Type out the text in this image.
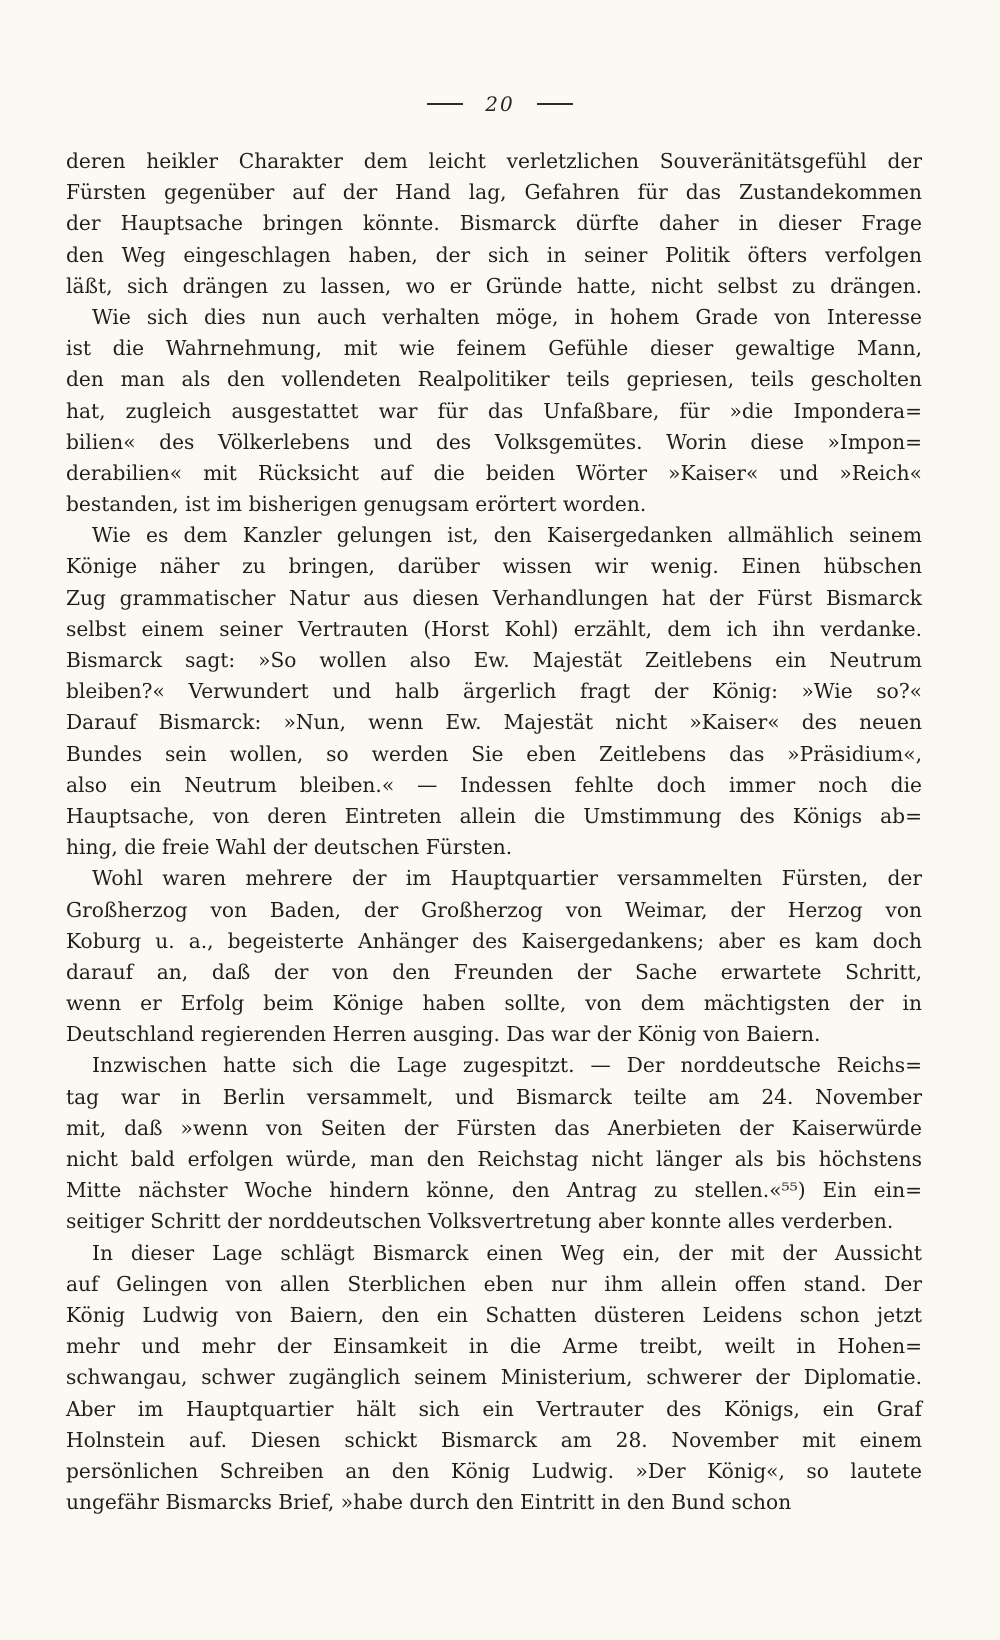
20
deren heikler Charakter dem leicht verletzlichen Souveränitätsgefühl der
Fürsten gegenüber auf der Hand lag, Gefahren für das Zustandekommen
der Hauptsache bringen könnte. Bismarck dürfte daher in dieser Frage
den Weg eingeschlagen haben, der sich in seiner Politik öfters verfolgen
läßt, sich drängen zu lassen, wo er Gründe hatte, nicht selbst zu drängen.
Wie sich dies nun auch verhalten möge, in hohem Grade von Interesse
ist die Wahrnehmung, mit wie feinem Gefühle dieser gewaltige Mann,
den man als den vollendeten Realpolitiker teils gepriesen, teils gescholten
hat, zugleich ausgestattet war für das Unfaßbare, für »die Impondera=
bilien« des Völkerlebens und des Volksgemütes. Worin diese »Impon=
derabilien« mit Rücksicht auf die beiden Wörter »Kaiser« und »Reich«
bestanden, ist im bisherigen genugsam erörtert worden.
Wie es dem Kanzler gelungen ist, den Kaisergedanken allmählich seinem
Könige näher zu bringen, darüber wissen wir wenig. Einen hübschen
Zug grammatischer Natur aus diesen Verhandlungen hat der Fürst Bismarck
selbst einem seiner Vertrauten (Horst Kohl) erzählt, dem ich ihn verdanke.
Bismarck sagt: »So wollen also Ew. Majestät Zeitlebens ein Neutrum
bleiben?« Verwundert und halb ärgerlich fragt der König: »Wie so?«
Darauf Bismarck: »Nun, wenn Ew. Majestät nicht »Kaiser« des neuen
Bundes sein wollen, so werden Sie eben Zeitlebens das »Präsidium«,
also ein Neutrum bleiben.« — Indessen fehlte doch immer noch die
Hauptsache, von deren Eintreten allein die Umstimmung des Königs ab=
hing, die freie Wahl der deutschen Fürsten.
Wohl waren mehrere der im Hauptquartier versammelten Fürsten, der
Großherzog von Baden, der Großherzog von Weimar, der Herzog von
Koburg u. a., begeisterte Anhänger des Kaisergedankens; aber es kam doch
darauf an, daß der von den Freunden der Sache erwartete Schritt,
wenn er Erfolg beim Könige haben sollte, von dem mächtigsten der in
Deutschland regierenden Herren ausging. Das war der König von Baiern.
Inzwischen hatte sich die Lage zugespitzt. — Der norddeutsche Reichs=
tag war in Berlin versammelt, und Bismarck teilte am 24. November
mit, daß »wenn von Seiten der Fürsten das Anerbieten der Kaiserwürde
nicht bald erfolgen würde, man den Reichstag nicht länger als bis höchstens
Mitte nächster Woche hindern könne, den Antrag zu stellen.«⁵⁵) Ein ein=
seitiger Schritt der norddeutschen Volksvertretung aber konnte alles verderben.
In dieser Lage schlägt Bismarck einen Weg ein, der mit der Aussicht
auf Gelingen von allen Sterblichen eben nur ihm allein offen stand. Der
König Ludwig von Baiern, den ein Schatten düsteren Leidens schon jetzt
mehr und mehr der Einsamkeit in die Arme treibt, weilt in Hohen=
schwangau, schwer zugänglich seinem Ministerium, schwerer der Diplomatie.
Aber im Hauptquartier hält sich ein Vertrauter des Königs, ein Graf
Holnstein auf. Diesen schickt Bismarck am 28. November mit einem
persönlichen Schreiben an den König Ludwig. »Der König«, so lautete
ungefähr Bismarcks Brief, »habe durch den Eintritt in den Bund schon
